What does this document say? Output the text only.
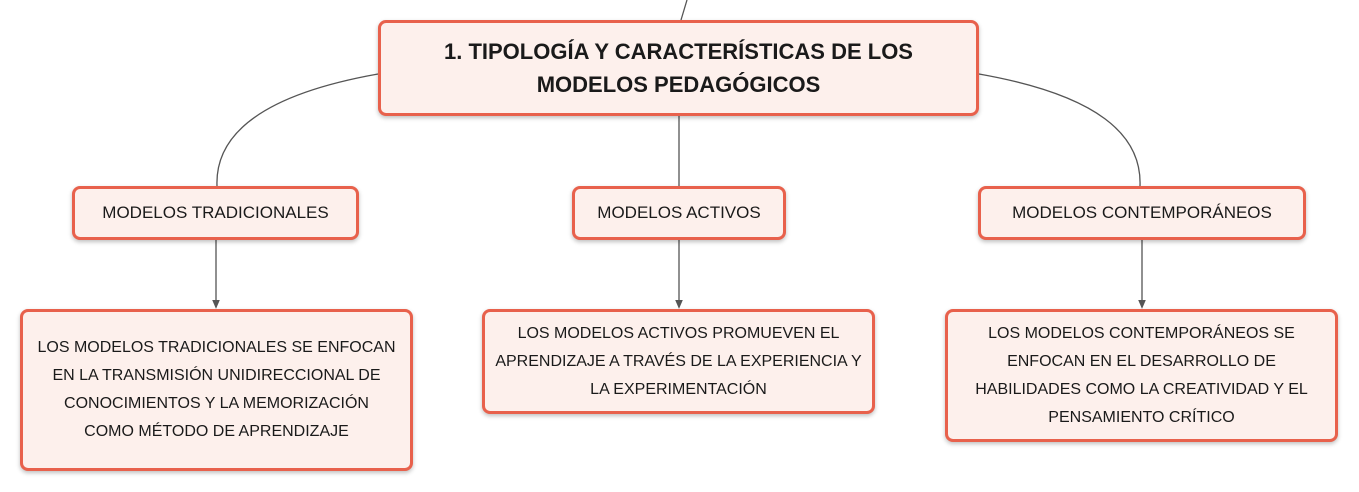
1. TIPOLOGÍA Y CARACTERÍSTICAS DE LOS
MODELOS PEDAGÓGICOS
MODELOS TRADICIONALES	MODELOS ACTIVOS	MODELOS CONTEMPORÁNEOS
LOS MODELOS TRADICIONALES SE ENFOCAN
EN LA TRANSMISIÓN UNIDIRECCIONAL DE
CONOCIMIENTOS Y LA MEMORIZACIÓN
COMO MÉTODO DE APRENDIZAJE
LOS MODELOS ACTIVOS PROMUEVEN EL
APRENDIZAJE A TRAVÉS DE LA EXPERIENCIA Y
LA EXPERIMENTACIÓN
LOS MODELOS CONTEMPORÁNEOS SE
ENFOCAN EN EL DESARROLLO DE
HABILIDADES COMO LA CREATIVIDAD Y EL
PENSAMIENTO CRÍTICO
